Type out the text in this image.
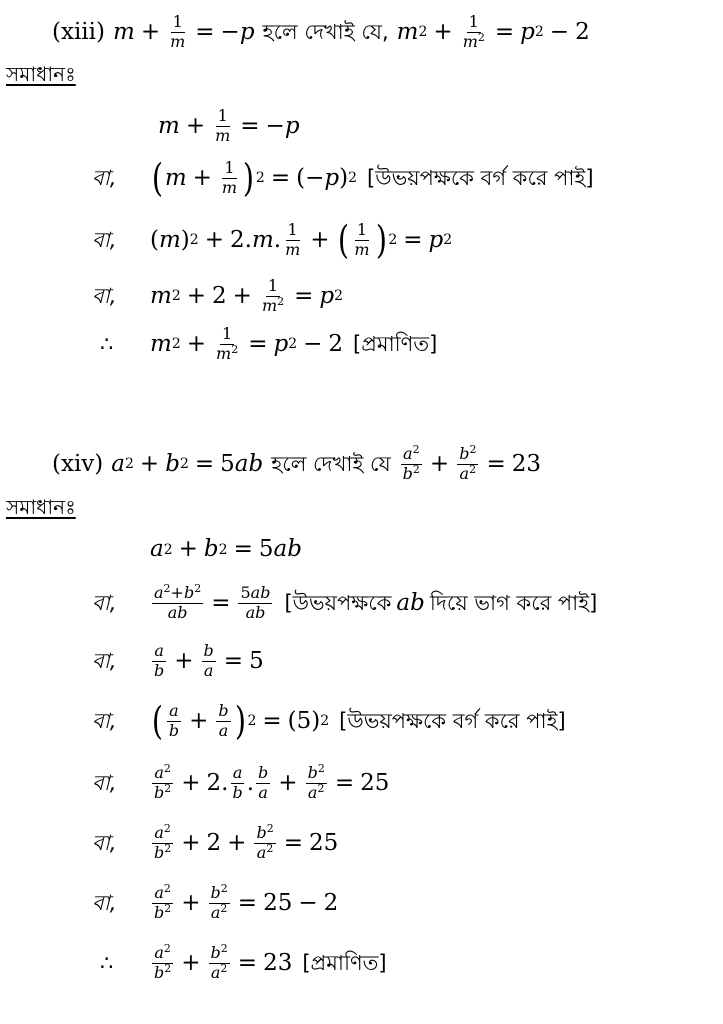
(xiii) $m + \frac{1}{m} = -p$ হলে দেখাই যে, m $2 + \frac{1}{m^2} = p$ 2 − 2
সমাধানঃ
$m + \frac{1}{m} = -p$
বা, ( $m + \frac{1}{m}$ ) 2 = ( −p ) 2 [উভয়পক্ষকে বর্গ করে পাই]
বা,	( m ) 2 + 2. m . $\frac{1}{m}$ + ( $\frac{1}{m}$ ) 2 = p 2
বা,	m $2 + 2 + \frac{1}{m^2} = p$ 2
∴	m $2 + \frac{1}{m^2} = p$ 2 − 2 [প্রমাণিত]
(xiv) a 2 + b 2 = 5 ab হলে দেখাই যে $\frac{a^2}{b^2} + \frac{b^2}{a^2} = 23$
সমাধানঃ
a 2 + b 2 = 5 ab
বা,	$\frac{a^2+b^2}{ab} = \frac{5ab}{ab}$ [উভয়পক্ষকে ab দিয়ে ভাগ করে পাই]
বা,	$\frac{a}{b} + \frac{b}{a} = 5$
বা, ( $\frac{a}{b} + \frac{b}{a}$ ) 2 = (5) 2 [উভয়পক্ষকে বর্গ করে পাই]
বা,	$\frac{a^2}{b^2} + 2$. $\frac{a}{b}$ . $\frac{b}{a} + \frac{b^2}{a^2} = 25$
বা,	$\frac{a^2}{b^2} + 2 + \frac{b^2}{a^2} = 25$
বা,	$\frac{a^2}{b^2} + \frac{b^2}{a^2} = 25 - 2$
∴	$\frac{a^2}{b^2} + \frac{b^2}{a^2} = 23$ [প্রমাণিত]
